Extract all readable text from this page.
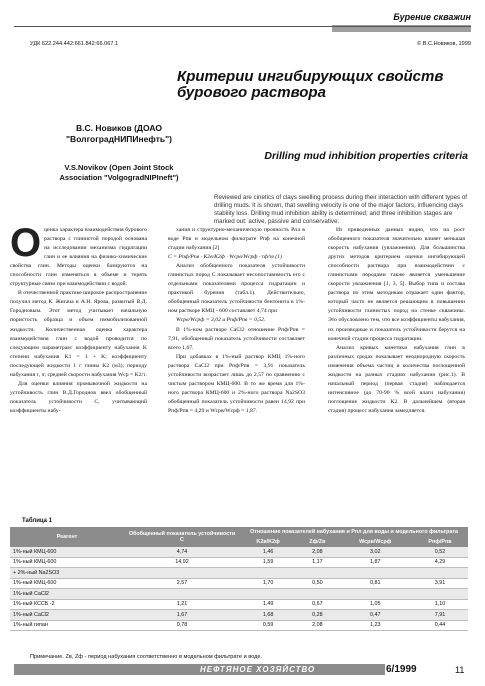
Бурение скважин
УДК 622.244.442:661.842:66.067.1	© В.С.Новиков, 1999
Критерии ингибирующих свойств бурового раствора
В.С. Новиков (ДОАО "ВолгоградНИПИнефть")
Drilling mud inhibition properties criteria
V.S.Novikov (Open Joint Stock Association "VolgogradNIPIneft")
Reviewed are cinetics of clays swelling process during their interaction with different types of drilling muds. It is shown, that swelling velocity is one of the major factors, influencing clays stability loss. Drilling mud inhibition ability is determined; and three inhibition stages are marked out: active, passive and conservative.

Оценка характера взаимодействия бурового раствора с глинистой породой основана на исследовании механизма гидратации глин и ее влияния на физико-химические свойства глин. Методы оценки базируются на способности глин изменяться в объеме и терять структурные связи при взаимодействии с водой.

В отечественной практике широкое распространение получил метод К. Жигача и А.Н. Ярова, развитый В.Д. Городновым. Этот метод учитывает начальную пористость образца и объем иммобилизованной жидкости. Количественная оценка характера взаимодействия глин с водой проводится по следующим параметрам: коэффициенту набухания K степени набухания K1 = 1 + K; коэффициенту последующей жидкости 1 г глины K2 (м3); периоду набухания τ, ч; средней скорости набухания Wср = K2/τ.

Для оценки влияния промывочной жидкости на устойчивость глин В.Д.Городнов ввел обобщенный показатель устойчивости С, учитывающий коэффициенты набу-

хания и структурно-механическую прочность Pпл в воде Pпв и модельном фильтрате Pпф на конечной стадии набухания [2]

C = Pпф/Pпв · K2в/K2ф · Wсрв/Wсрф · τф/τв (1)

Анализ обобщенного показателя устойчивости глинистых пород С показывает несопоставимость его с отдельными показателями процесса гидратации и практикой бурения (табл.1). Действительно, обобщенный показатель устойчивости бентонита в 1%-ном растворе КМЦ - 600 составляет 4,74 при

Wсрв/Wсрф = 3,02 и Pпф/Pпв = 0,52.

В 1%-ном растворе CaCl2 отношение Pпф/Pпв = 7,91, обобщенный показатель устойчивости составляет всего 1,67.

При добавках в 1%-ный раствор КМЦ 1%-ного раствора CaCl2 при Pпф/Pпв = 3,91 показатель устойчивости возрастает лишь до 2,57 по сравнению с чистым раствором КМЦ-600. В то же время для 1%-ного раствора КМЦ-600 и 2%-ного раствора Na2SO3 обобщенный показатель устойчивости равен 14,92 при Pпф/Pпв = 4,29 и Wсрв/Wсрф = 1,87.

Из приведенных данных видно, что на рост обобщенного показателя значительно влияет меньшая скорость набухания (увлажнения). Для большинства других методов критерием оценки ингибирующей способности раствора при взаимодействии с глинистыми породами также является уменьшение скорости увлажнения [1, 3, 5]. Выбор типа и состава раствора по этим методикам отражает один фактор, который часто не является решающим в повышении устойчивости глинистых пород на стенке скважины. Это обусловлено тем, что все коэффициенты набухания, их производные и показатель устойчивости берутся на конечной стадии процесса гидратации.

Анализ кривых кинетики набухания глин в различных средах показывает неоднородную скорость изменения объема частиц и количества поглощенной жидкости на разных стадиях набухания (рис.1). В начальный период (первая стадия) наблюдается интенсивное (до 70-90 % всей влаги набухания) поглощение жидкости K2. В дальнейшем (вторая стадия) процесс набухания замедляется.

Таблица 1
Реагент	Обобщенный показатель устойчивости С	Отношение показателей набухания и Pпл для воды и модельного фильтрата			
		K2в/K2ф	Zф/Zв	Wсрв/Wсрф	Pпф/Pпв
1%-ный КМЦ-600	4,74	1,46	2,08	3,02	0,52
1%-ный КМЦ-600	14,92	1,59	1,17	1,87	4,29
+ 2%-ный Na2SO3					
1%-ный КМЦ-600	2,57	1,70	0,50	0,81	3,91
1%-ный CaCl2					
1%-ный КССБ -2	1,21	1,49	0,67	1,05	1,10
1%-ный CaCl2	1,67	1,68	0,28	0,47	7,91
1%-ный гипан	0,78	0,59	2,08	1,23	0,44
Примечание. Zв, Zф - период набухания соответственно в модельном фильтрате и воде.
НЕФТЯНОЕ ХОЗЯЙСТВО	6/1999	11
